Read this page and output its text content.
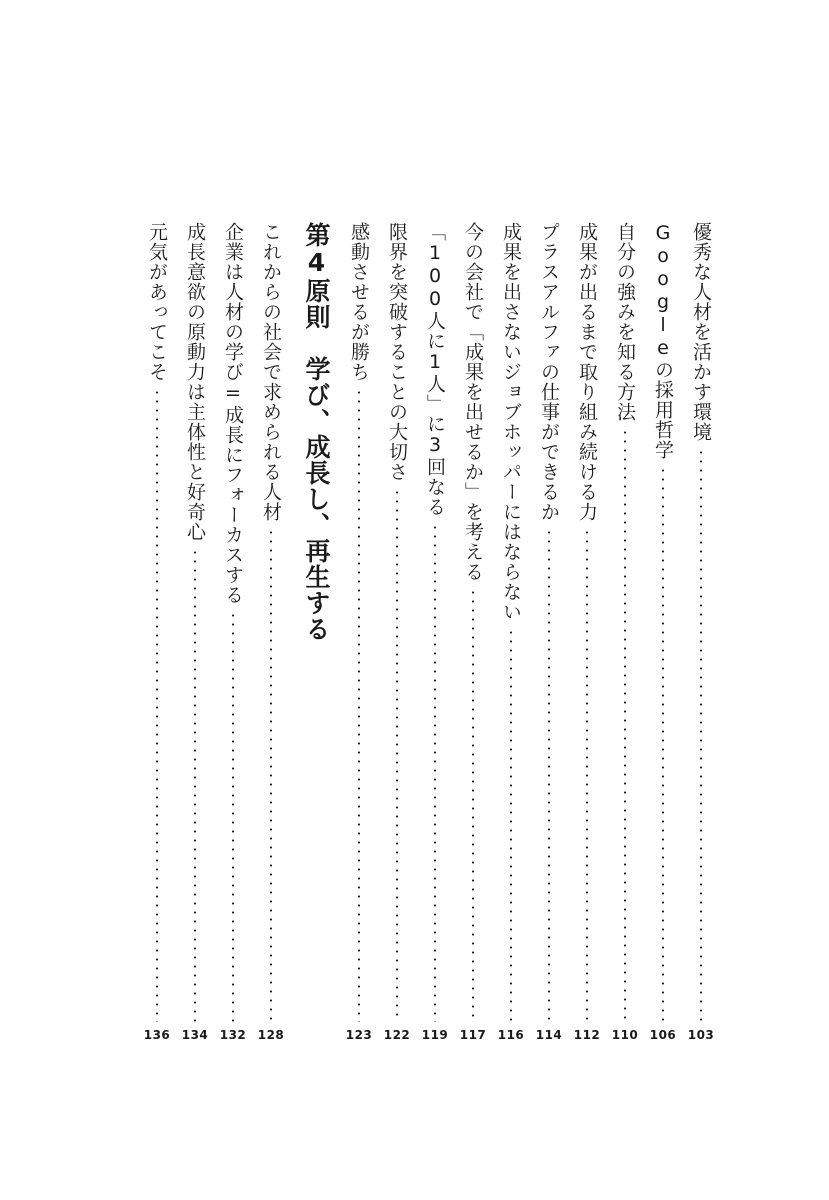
第4原則　学び、成長し、再生する	優秀な人材を活かす環境
103
Googleの採用哲学
106
自分の強みを知る方法
110
成果が出るまで取り組み続ける力
112
プラスアルファの仕事ができるか
114
成果を出さないジョブホッパーにはならない
116
今の会社で「成果を出せるか」を考える
117
「100人に1人」に3回なる
119
限界を突破することの大切さ
122
感動させるが勝ち
123
これからの社会で求められる人材
128
企業は人材の学び=成長にフォーカスする
132
成長意欲の原動力は主体性と好奇心
134
元気があってこそ
136
